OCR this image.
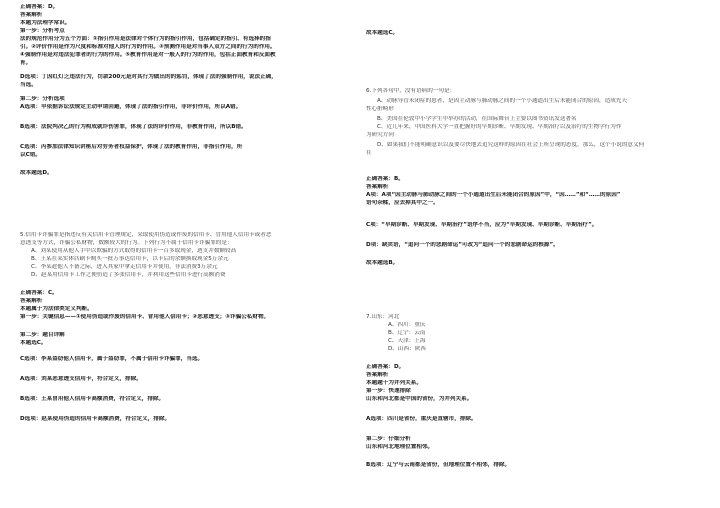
正确答案：D。
答案解析
本题为法理学常识。
第一步：分析考点
法的规范作用分为五个方面：①指引作用是法律对个体行为的指引作用，包括确定的指引、有选择的指
引。②评价作用是作为尺度和标准对他人的行为的作用。③预测作用是对当事人双方之间的行为的作用。
④强制作用是对违法犯罪者的行为的作用。⑤教育作用是对一般人的行为的作用，包括正面教育和反面教
育。
D选项：丁因红灯乏违法行为，罚款200元是对其行为做出的的惩罚，体现了法的强制作用，说法正确，
当选。
第二步：分析选项
A选项：甲依据诉讼法规定主动申请回避，体现了法的指引作用，非评价作用，所以A错。
B选项：法院判决乙的行为构成就诈伤害罪，体现了法的评价作用，非教育作用，所以B错。
C选项：丙参加法律知识讲座后对劳务者权益保护，体现了法的教育作用，非指引作用，所
以C错。
故本题选D。
5.信用卡诈骗罪是指违反有关信用卡管理规定，采取使用伪造或作废的信用卡、冒用他人信用卡或者恶
意透支等方式，诈骗公私财物，数额较大的行为。下列行为不属于信用卡诈骗罪的是：
A、刘某使用从他人手中以欺骗的方式取得的信用卡一百多取现金，透支并数额较高
B、王某在某实体店刷卡购买一批万事达信用卡，以卡后的余额换取现金5万余元
C、李某趁他人不备之际，进入其家中拿走信用卡并使用，非法消费3万余元
D、赵某用信用卡工作之便仿造了多张信用卡，并利用这些信用卡进行高额消费
正确答案：C。
答案解析
本题属于为法律类定义判断。
第一步：关键信息——①使用伪造或作废的信用卡、冒用他人信用卡；②恶意透支；③诈骗公私财物。
第二步：题目详解
本题选C。
C选项：李某盗窃他人信用卡，属于盗窃罪，不属于信用卡诈骗罪，当选。
A选项：刘某恶意透支信用卡，符合定义，排除。
B选项：王某冒用他人信用卡高额消费，符合定义，排除。
D选项：赵某使用伪造的信用卡高额消费，符合定义，排除。
故本题选C。
6.下列各句中，没有语病的一句是：
A、动脉导管未闭症的患者，是因主动脉与肺动脉之间的一个小通道出生后未能闭合的原因，造成先天
性心脏畸形
B、美国在伦敦中小学学生中举办的活动，在国际舞台上主要以图书资讯发送著名
C、近几年来，中国医科大学一直把握好的早期诊断、早期发现、早期治疗以及治疗的生物学行为作
为研究方向
D、如果我们不能明确意识以及要尽快地去追究这样的原因在社会上所呈现的态度，那么，这个小说的意义何
在
正确答案：B。
答案解析
A项：A项“因主动脉与肺动脉之间的一个小通道出生后未能闭合的原因”中，“因……”和“……的原因”
语句杂糅，应去掉其中之一。
C项：“早期诊断、早期发现、早期治疗”语序不当，应为“早期发现、早期诊断、早期治疗”。
D项：缺宾语，“追问一个的悲剧命运”可改为“追问一个的悲剧命运的根源”。
故本题选B。
7.山东：河北
A、四川：重庆
B、辽宁：云南
C、天津：上海
D、山西：陕西
正确答案：D。
答案解析
本题题干为并列关系。
第一步：快速排除
山东和河北都是中国的省份，为并列关系。
A选项：四川是省份，重庆是直辖市，排除。
第二步：仔细分析
山东和河北地理位置相邻。
B选项：辽宁与云南都是省份，但地理位置不相邻，排除。
